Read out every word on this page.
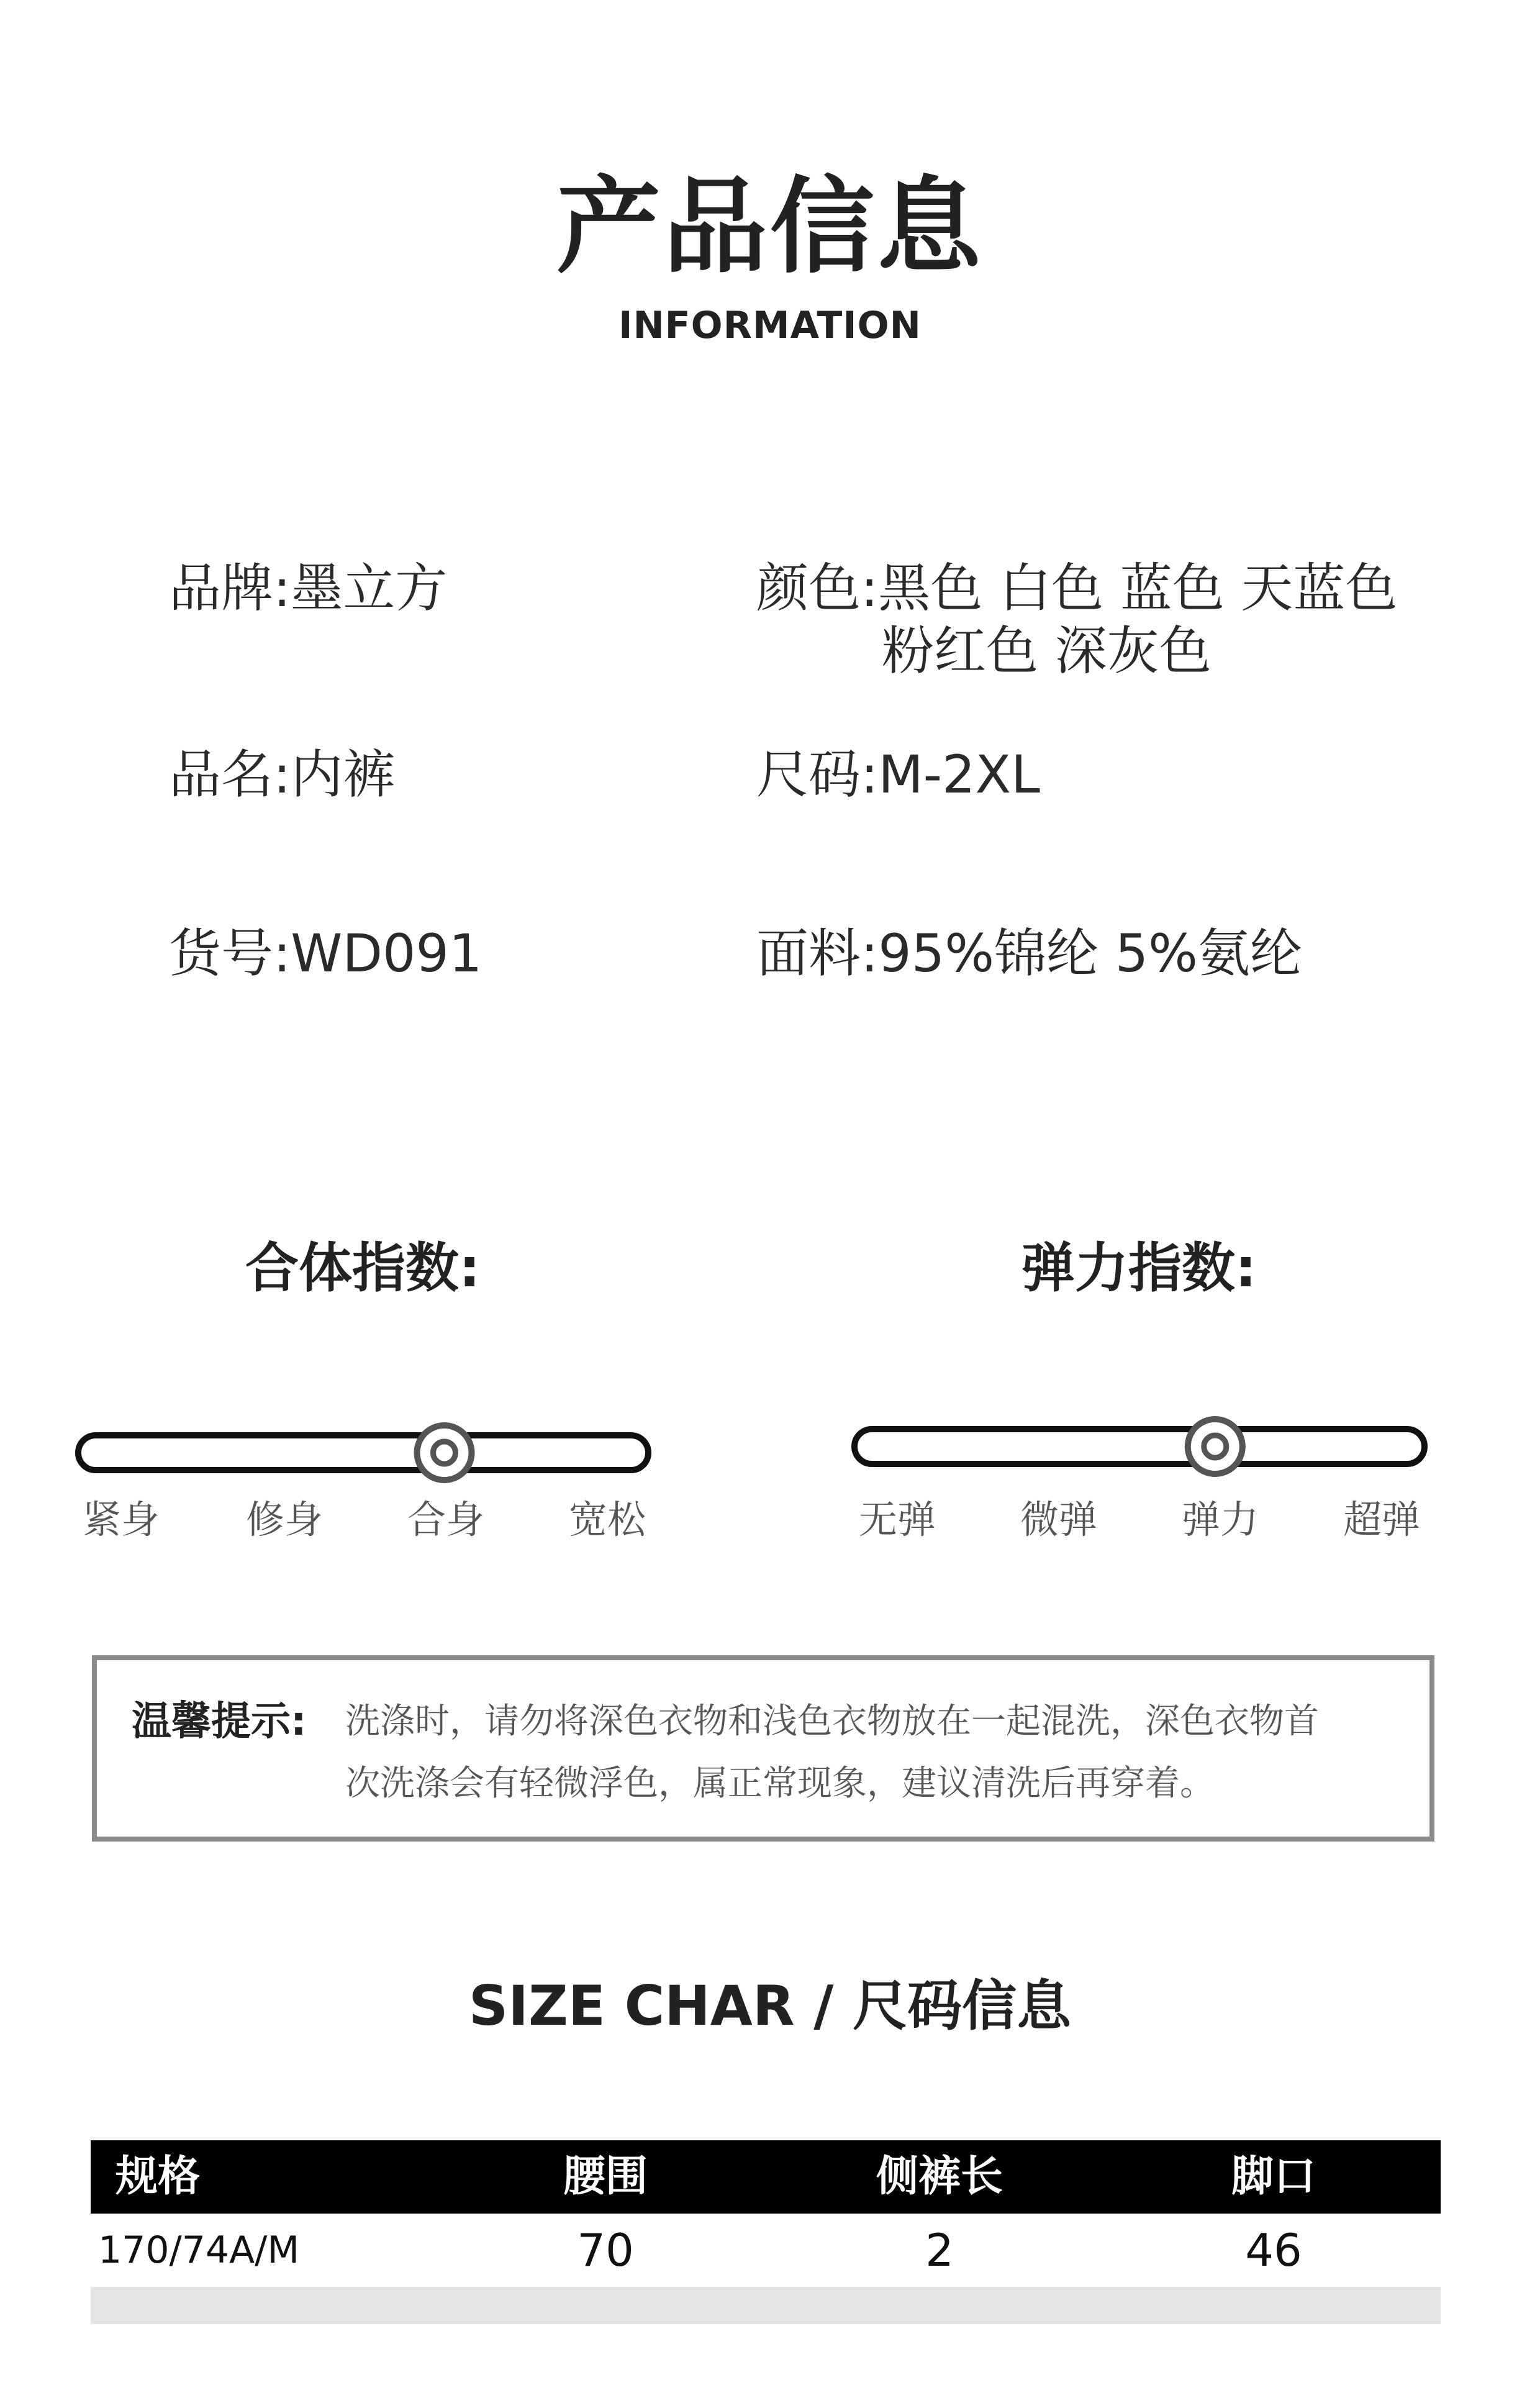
产品信息
INFORMATION
品牌:墨立方	颜色:黑色 白色 蓝色 天蓝色
粉红色 深灰色
品名:内裤	尺码:M-2XL
货号:WD091	面料:95%锦纶 5%氨纶
合体指数:
紧身	修身	合身	宽松
弹力指数:
无弹	微弹	弹力	超弹
温馨提示: 洗涤时，请勿将深色衣物和浅色衣物放在一起混洗，深色衣物首
次洗涤会有轻微浮色，属正常现象，建议清洗后再穿着。
SIZE CHAR / 尺码信息
规格	腰围	侧裤长	脚口
170/74A/M	70	2	46
